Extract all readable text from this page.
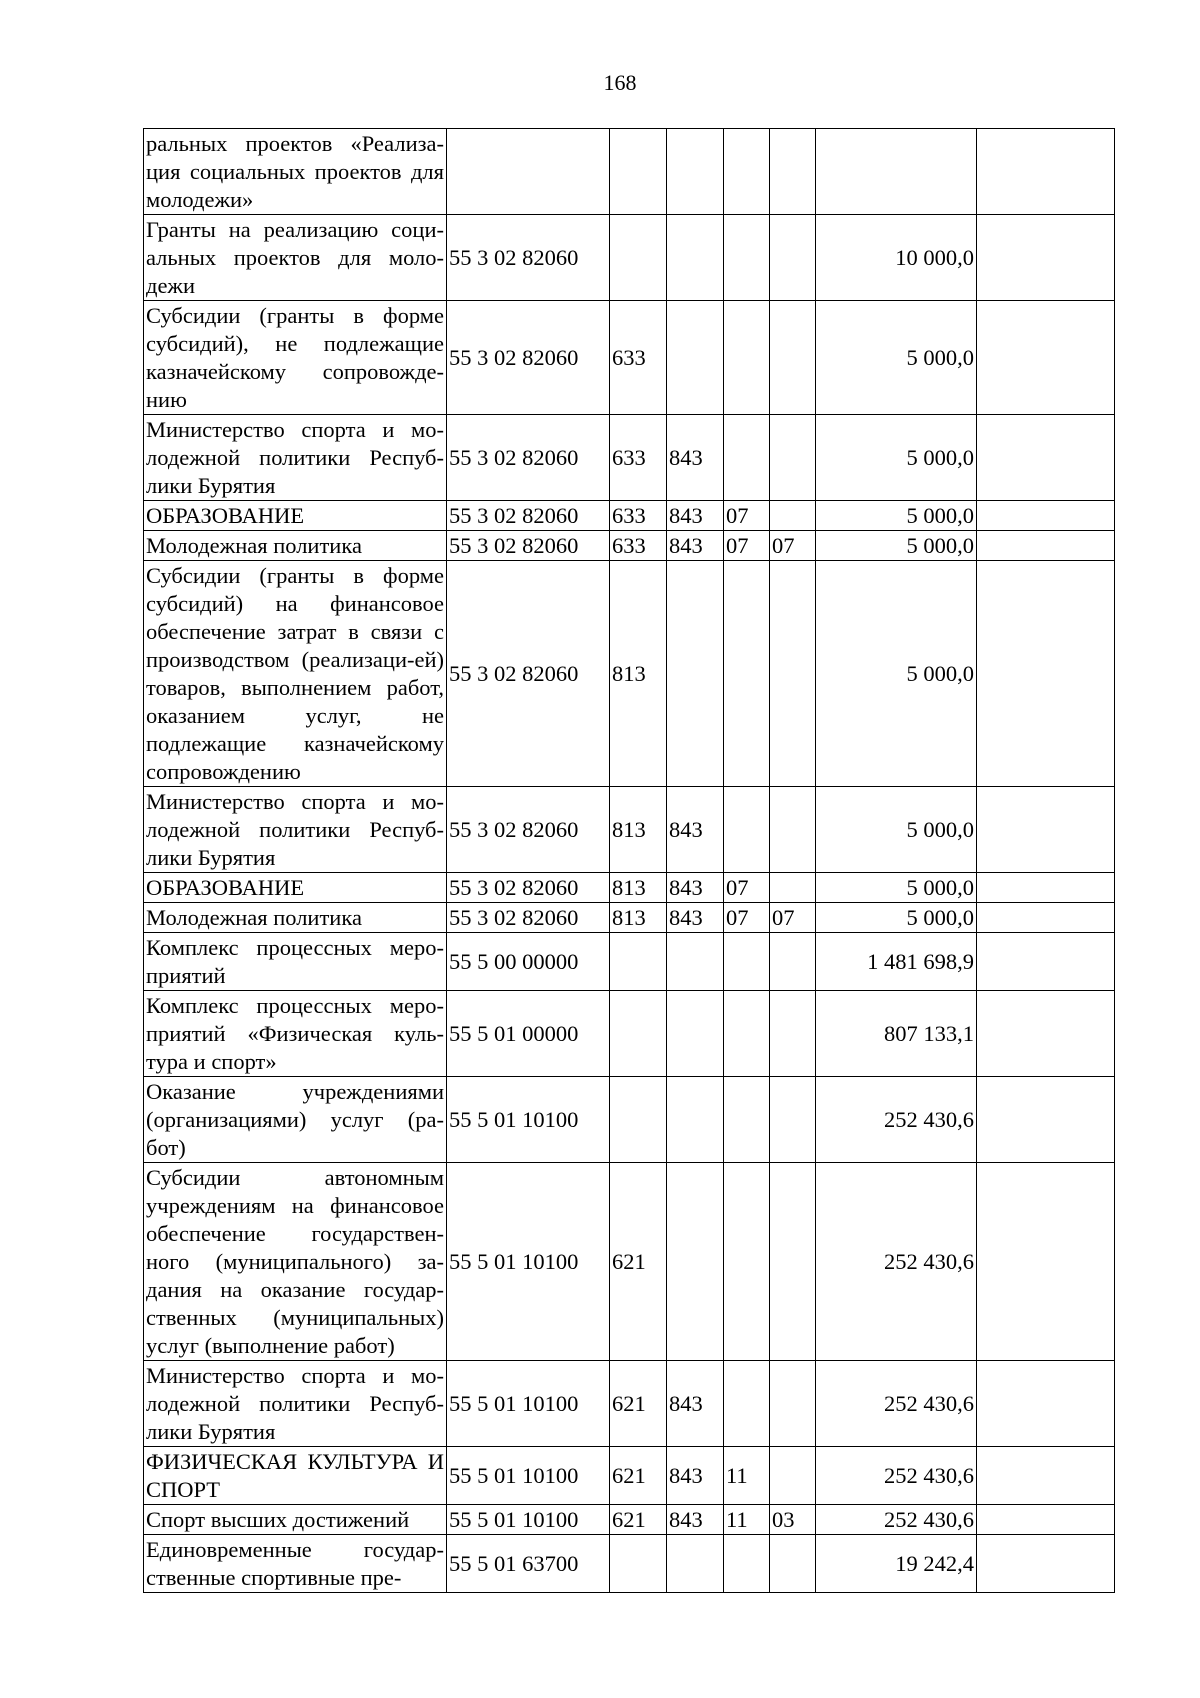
168
ральных проектов «Реализа-ция социальных проектов для молодежи»							
Гранты на реализацию соци-альных проектов для моло-дежи	55 3 02 82060					10 000,0	
Субсидии (гранты в форме субсидий), не подлежащие казначейскому сопровожде-нию	55 3 02 82060	633				5 000,0	
Министерство спорта и мо-лодежной политики Респуб-лики Бурятия	55 3 02 82060	633	843			5 000,0	
ОБРАЗОВАНИЕ	55 3 02 82060	633	843	07		5 000,0	
Молодежная политика	55 3 02 82060	633	843	07	07	5 000,0	
Субсидии (гранты в форме субсидий) на финансовое обеспечение затрат в связи с производством (реализаци-ей) товаров, выполнением работ, оказанием услуг, не подлежащие казначейскому сопровождению	55 3 02 82060	813				5 000,0	
Министерство спорта и мо-лодежной политики Респуб-лики Бурятия	55 3 02 82060	813	843			5 000,0	
ОБРАЗОВАНИЕ	55 3 02 82060	813	843	07		5 000,0	
Молодежная политика	55 3 02 82060	813	843	07	07	5 000,0	
Комплекс процессных меро-приятий	55 5 00 00000					1 481 698,9	
Комплекс процессных меро-приятий «Физическая куль-тура и спорт»	55 5 01 00000					807 133,1	
Оказание учреждениями (организациями) услуг (ра-бот)	55 5 01 10100					252 430,6	
Субсидии автономным учреждениям на финансовое обеспечение государствен-ного (муниципального) за-дания на оказание государ-ственных (муниципальных) услуг (выполнение работ)	55 5 01 10100	621				252 430,6	
Министерство спорта и мо-лодежной политики Респуб-лики Бурятия	55 5 01 10100	621	843			252 430,6	
ФИЗИЧЕСКАЯ КУЛЬТУРА И СПОРТ	55 5 01 10100	621	843	11		252 430,6	
Спорт высших достижений	55 5 01 10100	621	843	11	03	252 430,6	
Единовременные государ-ственные спортивные пре-	55 5 01 63700					19 242,4	
